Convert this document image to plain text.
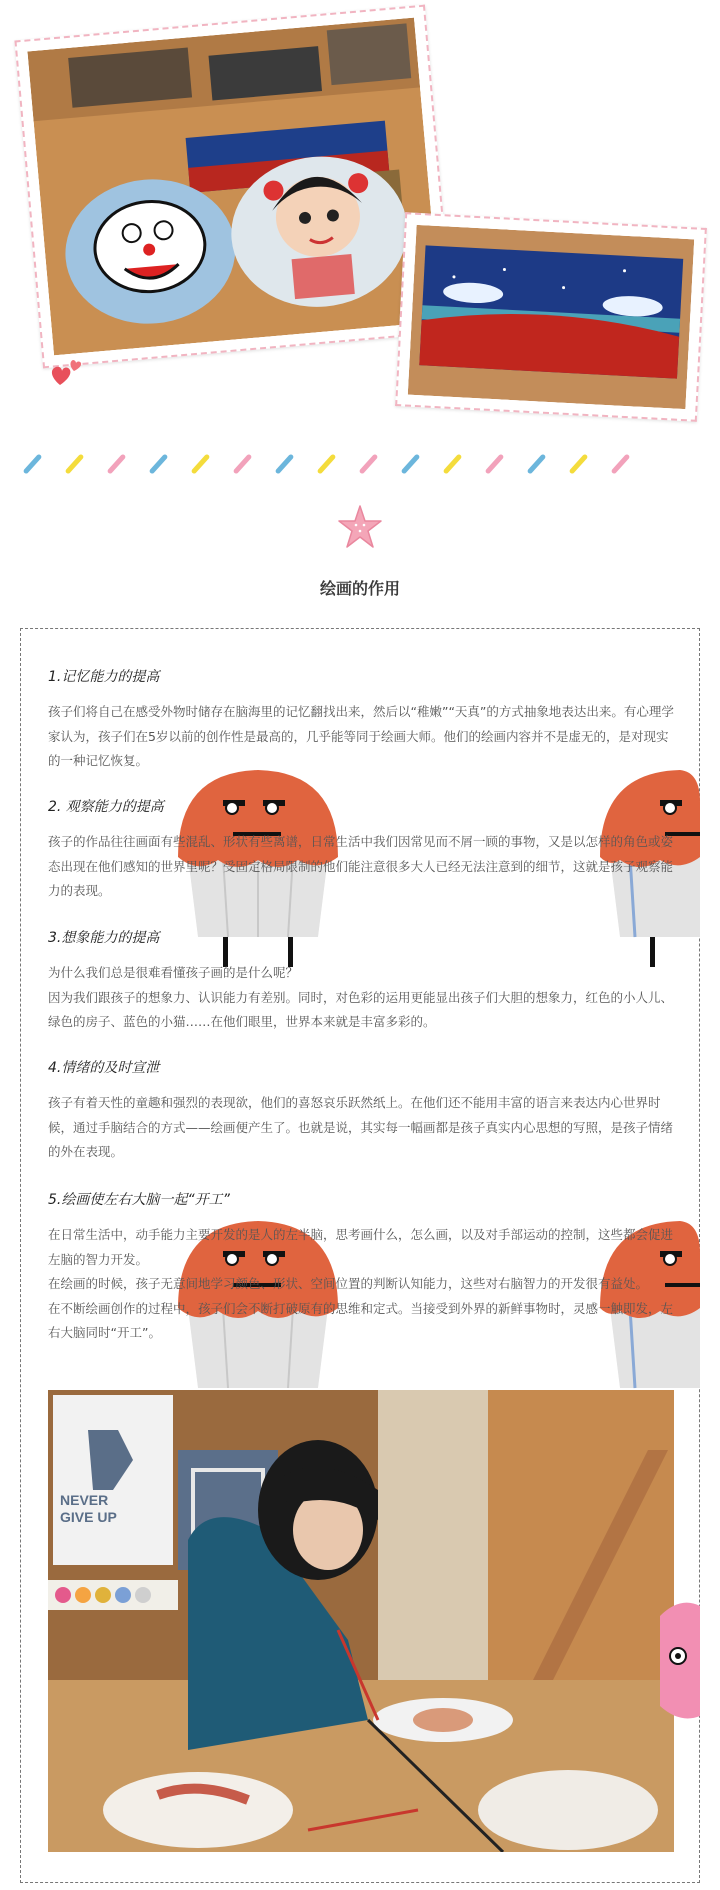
绘画的作用
1.记忆能力的提高

孩子们将自己在感受外物时储存在脑海里的记忆翻找出来，然后以“稚嫩”“天真”的方式抽象地表达出来。有心理学家认为，孩子们在5岁以前的创作性是最高的，几乎能等同于绘画大师。他们的绘画内容并不是虚无的，是对现实的一种记忆恢复。

2. 观察能力的提高

孩子的作品往往画面有些混乱、形状有些离谱，日常生活中我们因常见而不屑一顾的事物，又是以怎样的角色或姿态出现在他们感知的世界里呢？受固定格局限制的他们能注意很多大人已经无法注意到的细节，这就是孩子观察能力的表现。

3.想象能力的提高

为什么我们总是很难看懂孩子画的是什么呢？

因为我们跟孩子的想象力、认识能力有差别。同时，对色彩的运用更能显出孩子们大胆的想象力，红色的小人儿、绿色的房子、蓝色的小猫……在他们眼里，世界本来就是丰富多彩的。

4.情绪的及时宣泄

孩子有着天性的童趣和强烈的表现欲，他们的喜怒哀乐跃然纸上。在他们还不能用丰富的语言来表达内心世界时候，通过手脑结合的方式——绘画便产生了。也就是说，其实每一幅画都是孩子真实内心思想的写照，是孩子情绪的外在表现。

5.绘画使左右大脑一起“开工”

在日常生活中，动手能力主要开发的是人的左半脑，思考画什么，怎么画，以及对手部运动的控制，这些都会促进左脑的智力开发。

在绘画的时候，孩子无意间地学习颜色、形状、空间位置的判断认知能力，这些对右脑智力的开发很有益处。

在不断绘画创作的过程中，孩子们会不断打破原有的思维和定式。当接受到外界的新鲜事物时，灵感一触即发，左右大脑同时“开工”。

NEVER
GIVE UP
